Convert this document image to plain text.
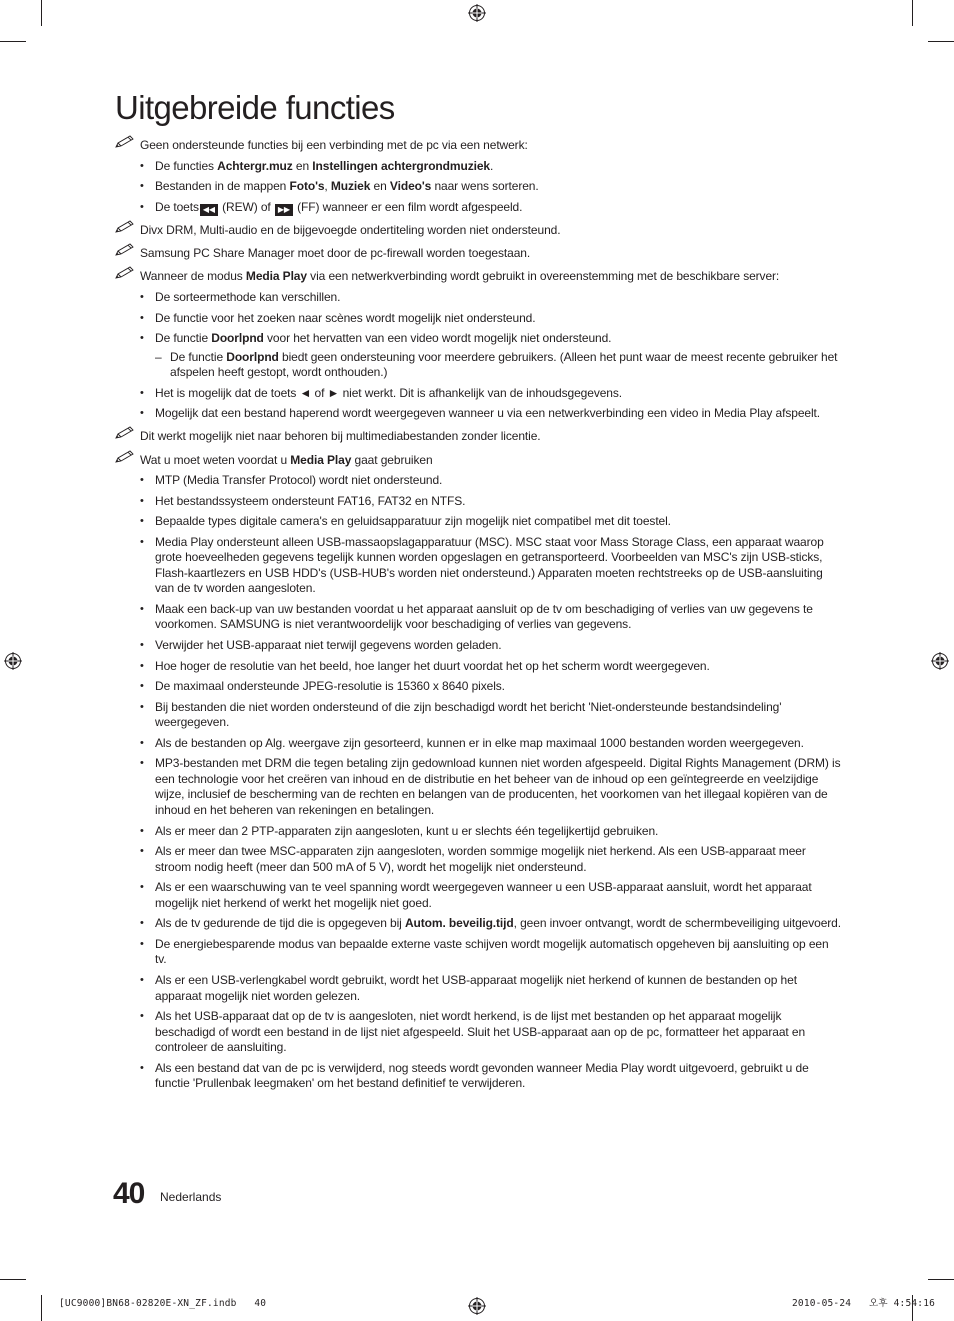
Uitgebreide functies
Geen ondersteunde functies bij een verbinding met de pc via een netwerk:
• De functies Achtergr.muz en Instellingen achtergrondmuziek.
• Bestanden in de mappen Foto's, Muziek en Video's naar wens sorteren.
• De toets ◀◀ (REW) of ▶▶ (FF) wanneer er een film wordt afgespeeld.
Divx DRM, Multi-audio en de bijgevoegde ondertiteling worden niet ondersteund.
Samsung PC Share Manager moet door de pc-firewall worden toegestaan.
Wanneer de modus Media Play via een netwerkverbinding wordt gebruikt in overeenstemming met de beschikbare server:
• De sorteermethode kan verschillen.
• De functie voor het zoeken naar scènes wordt mogelijk niet ondersteund.
• De functie Doorlpnd voor het hervatten van een video wordt mogelijk niet ondersteund.
– De functie Doorlpnd biedt geen ondersteuning voor meerdere gebruikers. (Alleen het punt waar de meest recente gebruiker het afspelen heeft gestopt, wordt onthouden.)
• Het is mogelijk dat de toets ◄ of ► niet werkt. Dit is afhankelijk van de inhoudsgegevens.
• Mogelijk dat een bestand haperend wordt weergegeven wanneer u via een netwerkverbinding een video in Media Play afspeelt.
Dit werkt mogelijk niet naar behoren bij multimediabestanden zonder licentie.
Wat u moet weten voordat u Media Play gaat gebruiken
• MTP (Media Transfer Protocol) wordt niet ondersteund.
• Het bestandssysteem ondersteunt FAT16, FAT32 en NTFS.
• Bepaalde types digitale camera's en geluidsapparatuur zijn mogelijk niet compatibel met dit toestel.
• Media Play ondersteunt alleen USB-massaopslagapparatuur (MSC). MSC staat voor Mass Storage Class, een apparaat waarop grote hoeveelheden gegevens tegelijk kunnen worden opgeslagen en getransporteerd. Voorbeelden van MSC's zijn USB-sticks, Flash-kaartlezers en USB HDD's (USB-HUB's worden niet ondersteund.) Apparaten moeten rechtstreeks op de USB-aansluiting van de tv worden aangesloten.
• Maak een back-up van uw bestanden voordat u het apparaat aansluit op de tv om beschadiging of verlies van uw gegevens te voorkomen. SAMSUNG is niet verantwoordelijk voor beschadiging of verlies van gegevens.
• Verwijder het USB-apparaat niet terwijl gegevens worden geladen.
• Hoe hoger de resolutie van het beeld, hoe langer het duurt voordat het op het scherm wordt weergegeven.
• De maximaal ondersteunde JPEG-resolutie is 15360 x 8640 pixels.
• Bij bestanden die niet worden ondersteund of die zijn beschadigd wordt het bericht 'Niet-ondersteunde bestandsindeling' weergegeven.
• Als de bestanden op Alg. weergave zijn gesorteerd, kunnen er in elke map maximaal 1000 bestanden worden weergegeven.
• MP3-bestanden met DRM die tegen betaling zijn gedownload kunnen niet worden afgespeeld. Digital Rights Management (DRM) is een technologie voor het creëren van inhoud en de distributie en het beheer van de inhoud op een geïntegreerde en veelzijdige wijze, inclusief de bescherming van de rechten en belangen van de producenten, het voorkomen van het illegaal kopiëren van de inhoud en het beheren van rekeningen en betalingen.
• Als er meer dan 2 PTP-apparaten zijn aangesloten, kunt u er slechts één tegelijkertijd gebruiken.
• Als er meer dan twee MSC-apparaten zijn aangesloten, worden sommige mogelijk niet herkend. Als een USB-apparaat meer stroom nodig heeft (meer dan 500 mA of 5 V), wordt het mogelijk niet ondersteund.
• Als er een waarschuwing van te veel spanning wordt weergegeven wanneer u een USB-apparaat aansluit, wordt het apparaat mogelijk niet herkend of werkt het mogelijk niet goed.
• Als de tv gedurende de tijd die is opgegeven bij Autom. beveilig.tijd, geen invoer ontvangt, wordt de schermbeveiliging uitgevoerd.
• De energiebesparende modus van bepaalde externe vaste schijven wordt mogelijk automatisch opgeheven bij aansluiting op een tv.
• Als er een USB-verlengkabel wordt gebruikt, wordt het USB-apparaat mogelijk niet herkend of kunnen de bestanden op het apparaat mogelijk niet worden gelezen.
• Als het USB-apparaat dat op de tv is aangesloten, niet wordt herkend, is de lijst met bestanden op het apparaat mogelijk beschadigd of wordt een bestand in de lijst niet afgespeeld. Sluit het USB-apparaat aan op de pc, formatteer het apparaat en controleer de aansluiting.
• Als een bestand dat van de pc is verwijderd, nog steeds wordt gevonden wanneer Media Play wordt uitgevoerd, gebruikt u de functie 'Prullenbak leegmaken' om het bestand definitief te verwijderen.
40 Nederlands
[UC9000]BN68-02820E-XN_ZF.indb   40	2010-05-24   오후 4:54:16
